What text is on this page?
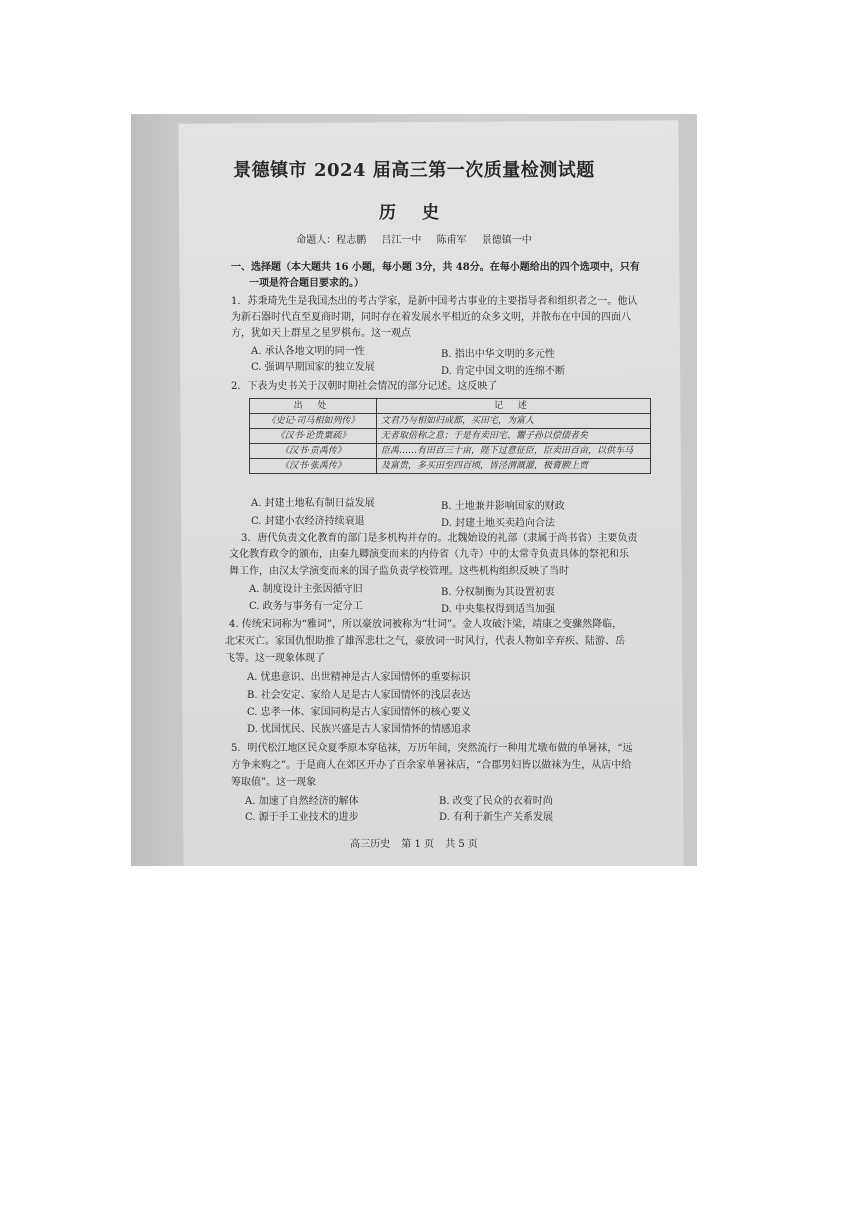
景德镇市 2024 届高三第一次质量检测试题
历 史
命题人：程志鹏 吕江一中 陈甫军 景德镇一中
一、选择题（本大题共 16 小题，每小题 3分，共 48分。在每小题给出的四个选项中，只有
一项是符合题目要求的。）
1．苏秉琦先生是我国杰出的考古学家，是新中国考古事业的主要指导者和组织者之一。他认
为新石器时代直至夏商时期，同时存在着发展水平相近的众多文明，并散布在中国的四面八
方，犹如天上群星之星罗棋布。这一观点
A. 承认各地文明的同一性	B. 指出中华文明的多元性
C. 强调早期国家的独立发展	D. 肯定中国文明的连绵不断
2．下表为史书关于汉朝时期社会情况的部分记述。这反映了
出 处	记 述
《史记·司马相如列传》	文君乃与相如归成都，买田宅，为富人
《汉书·论贵粟疏》	无者取倍称之息；于是有卖田宅、鬻子孙以偿债者矣
《汉书·贡禹传》	臣禹……有田百三十亩，陛下过意征臣，臣卖田百亩，以供车马
《汉书·张禹传》	及富贵，多买田至四百顷，皆泾渭溉灌，极膏腴上贾
A. 封建土地私有制日益发展	B. 土地兼并影响国家的财政
C. 封建小农经济持续衰退	D. 封建土地买卖趋向合法
3．唐代负责文化教育的部门是多机构并存的。北魏始设的礼部（隶属于尚书省）主要负责
文化教育政令的颁布，由秦九卿演变而来的内侍省（九寺）中的太常寺负责具体的祭祀和乐
舞工作，由汉太学演变而来的国子监负责学校管理。这些机构组织反映了当时
A. 制度设计主张因循守旧	B. 分权制衡为其设置初衷
C. 政务与事务有一定分工	D. 中央集权得到适当加强
4. 传统宋词称为“雅词”，所以豪放词被称为“壮词”。金人攻破汴梁，靖康之变骤然降临，
北宋灭亡。家国仇恨助推了雄浑悲壮之气，豪放词一时风行，代表人物如辛弃疾、陆游、岳
飞等。这一现象体现了
A. 忧患意识、出世精神是古人家国情怀的重要标识
B. 社会安定、家给人足是古人家国情怀的浅层表达
C. 忠孝一体、家国同构是古人家国情怀的核心要义
D. 忧国忧民、民族兴盛是古人家国情怀的情感追求
5．明代松江地区民众夏季原本穿毡袜，万历年间，突然流行一种用尤墩布做的单暑袜，“远
方争来购之”。于是商人在郊区开办了百余家单暑袜店，“合郡男妇皆以做袜为生，从店中给
筹取值”。这一现象
A. 加速了自然经济的解体	B. 改变了民众的衣着时尚
C. 源于手工业技术的进步	D. 有利于新生产关系发展
高三历史 第 1 页 共 5 页
